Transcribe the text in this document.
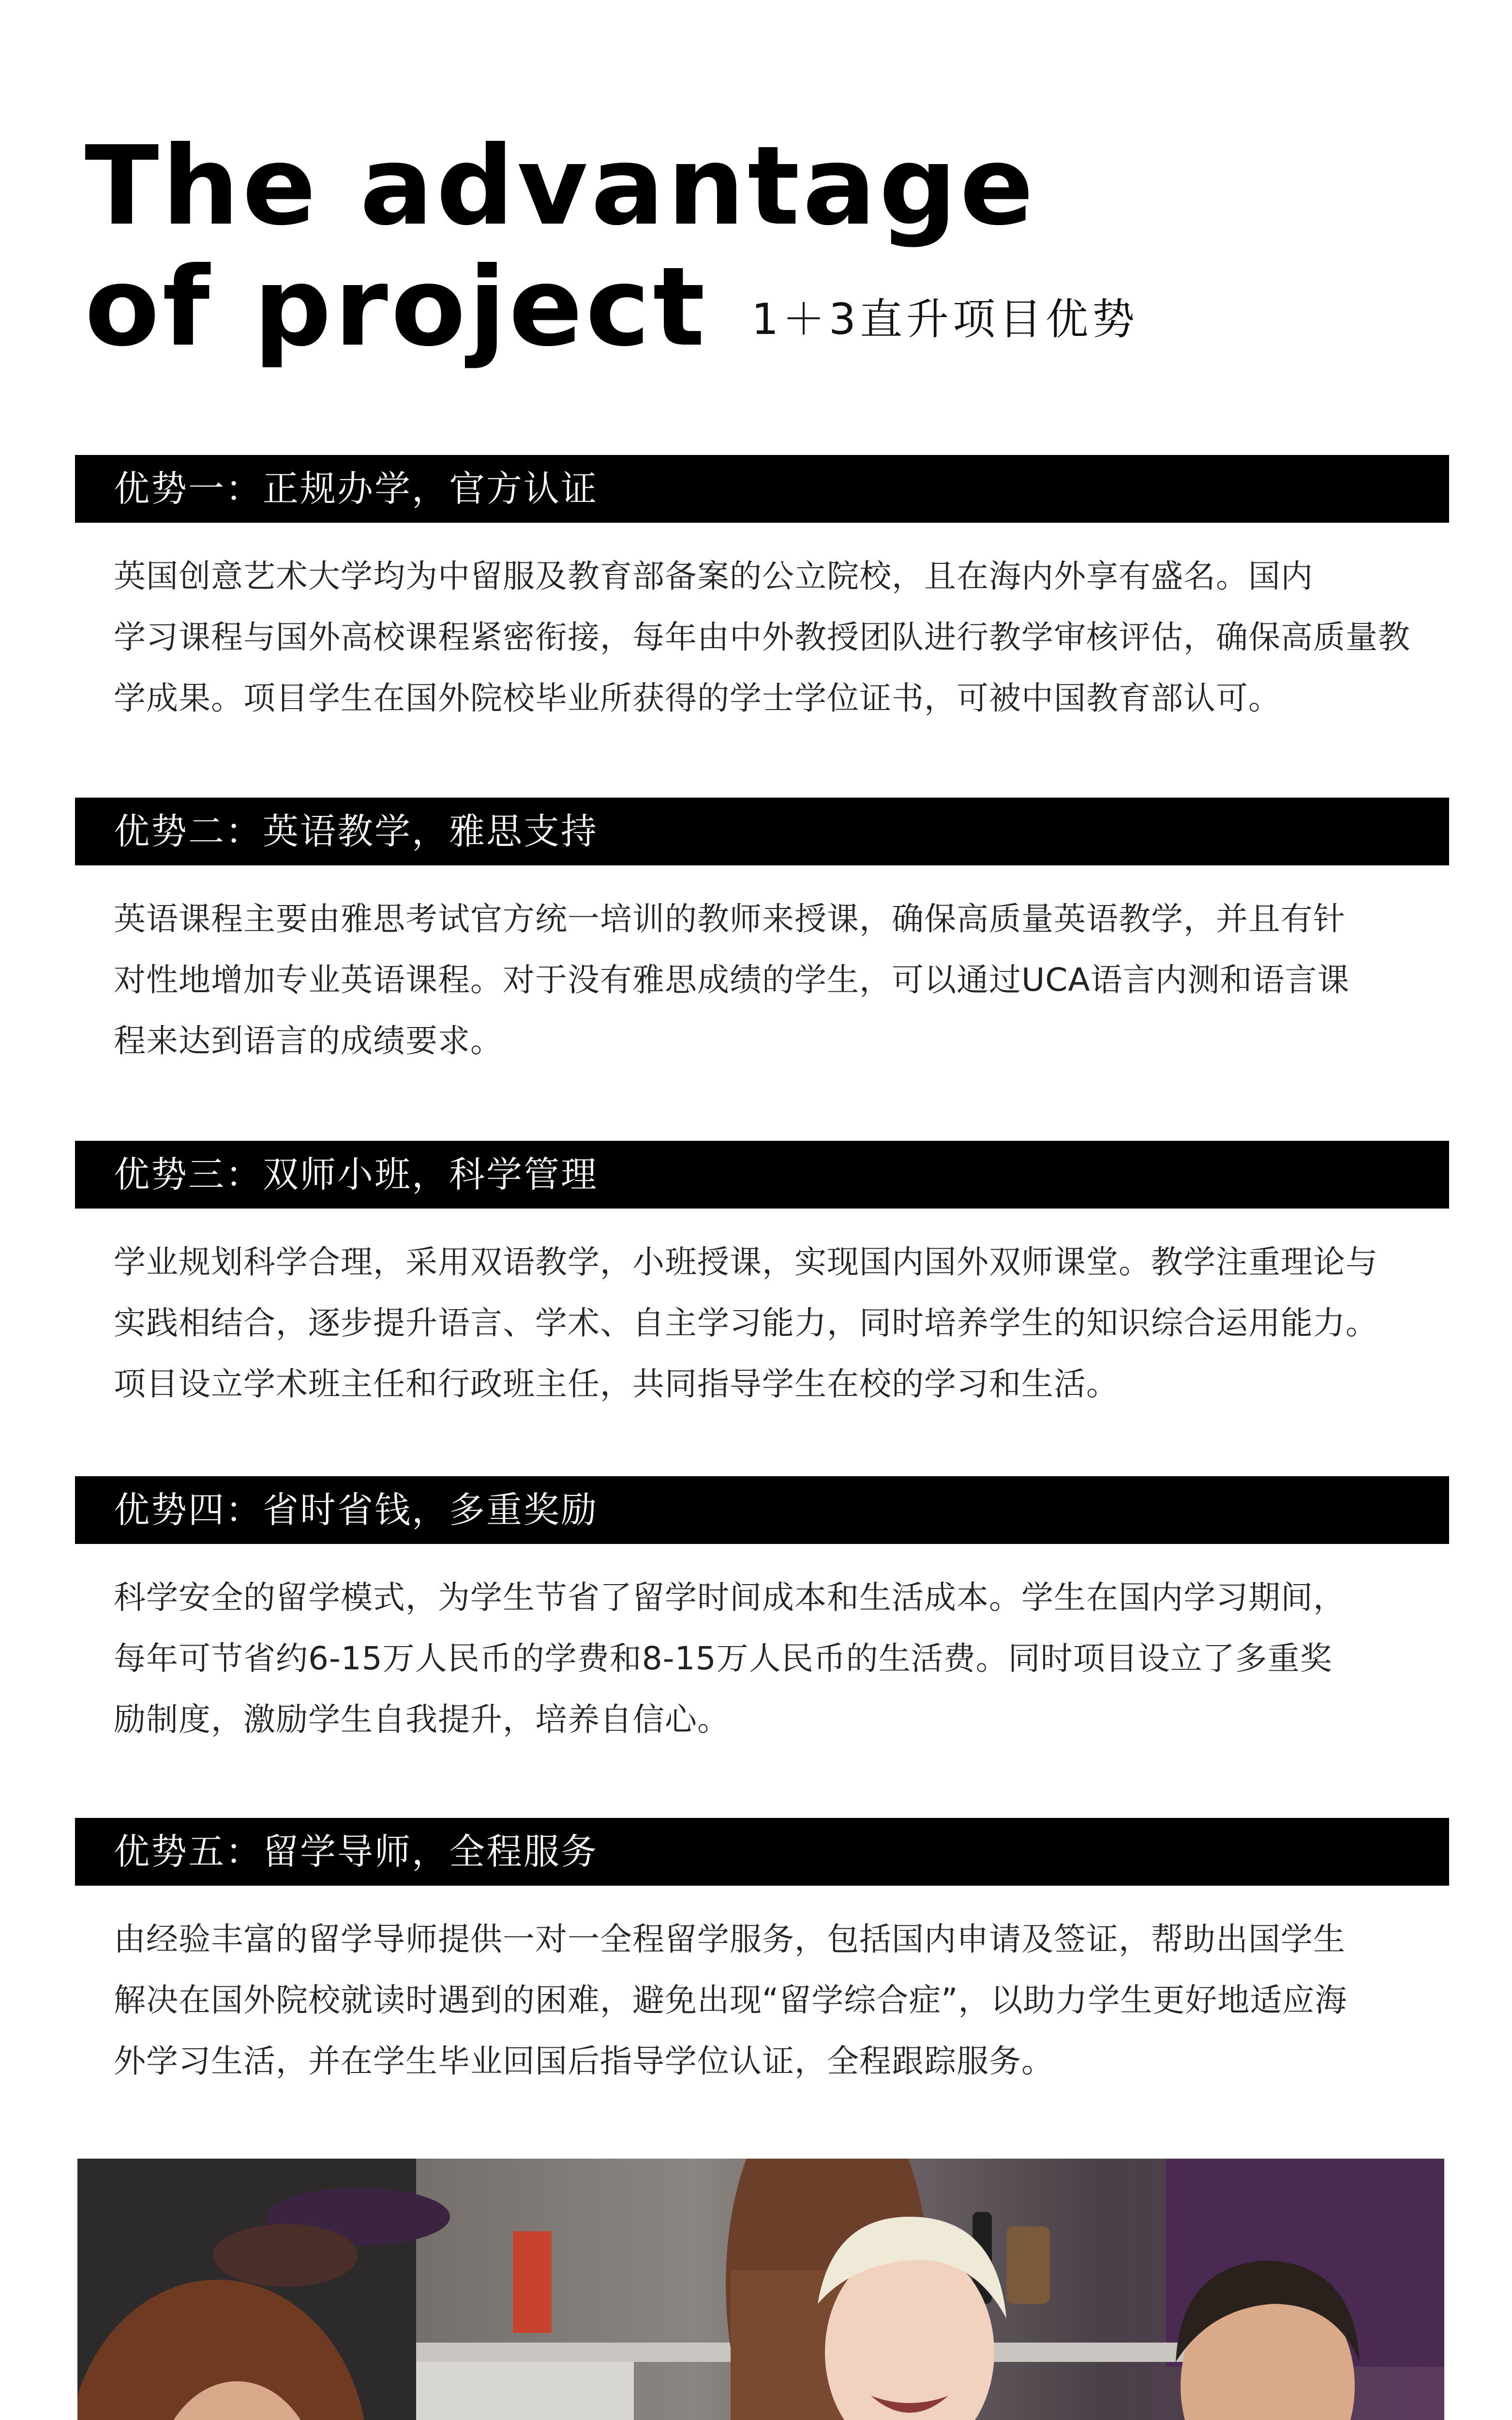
The advantage
of project 1＋3直升项目优势
优势一：正规办学，官方认证
英国创意艺术大学均为中留服及教育部备案的公立院校，且在海内外享有盛名。国内
学习课程与国外高校课程紧密衔接，每年由中外教授团队进行教学审核评估，确保高质量教
学成果。项目学生在国外院校毕业所获得的学士学位证书，可被中国教育部认可。
优势二：英语教学，雅思支持
英语课程主要由雅思考试官方统一培训的教师来授课，确保高质量英语教学，并且有针
对性地增加专业英语课程。对于没有雅思成绩的学生，可以通过UCA语言内测和语言课
程来达到语言的成绩要求。
优势三：双师小班，科学管理
学业规划科学合理，采用双语教学，小班授课，实现国内国外双师课堂。教学注重理论与
实践相结合，逐步提升语言、学术、自主学习能力，同时培养学生的知识综合运用能力。
项目设立学术班主任和行政班主任，共同指导学生在校的学习和生活。
优势四：省时省钱，多重奖励
科学安全的留学模式，为学生节省了留学时间成本和生活成本。学生在国内学习期间，
每年可节省约6-15万人民币的学费和8-15万人民币的生活费。同时项目设立了多重奖
励制度，激励学生自我提升，培养自信心。
优势五：留学导师，全程服务
由经验丰富的留学导师提供一对一全程留学服务，包括国内申请及签证，帮助出国学生
解决在国外院校就读时遇到的困难，避免出现“留学综合症”，以助力学生更好地适应海
外学习生活，并在学生毕业回国后指导学位认证，全程跟踪服务。
